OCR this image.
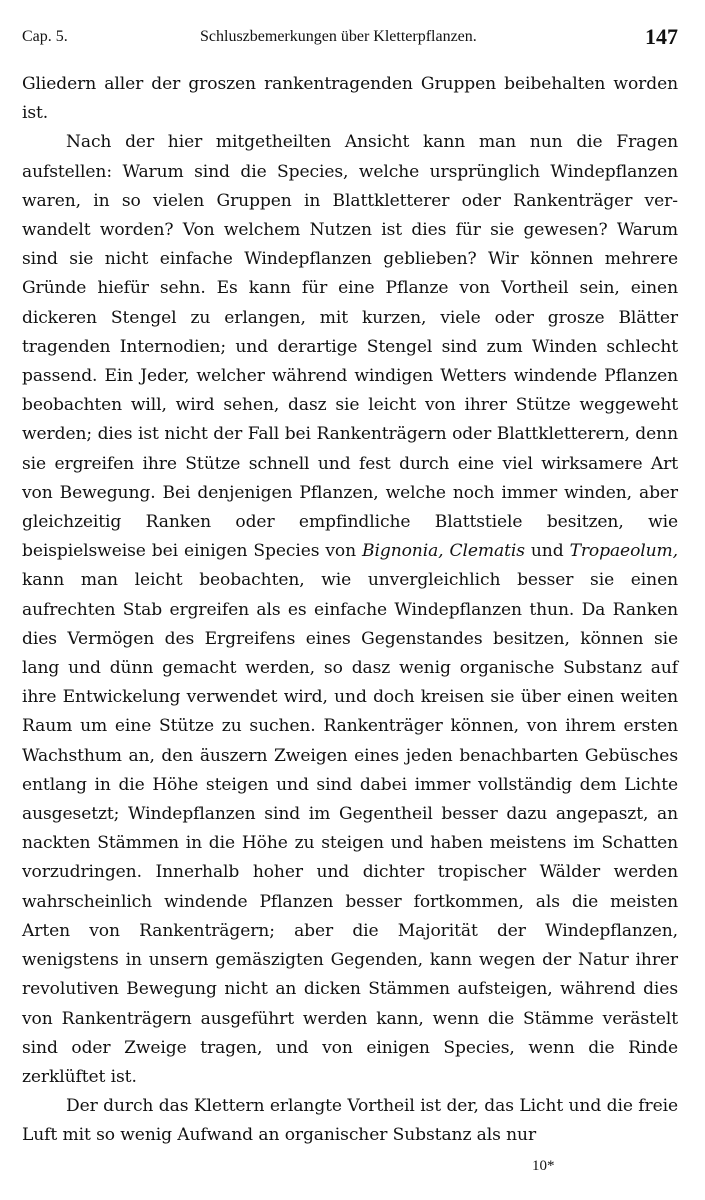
Cap. 5.	Schluszbemerkungen über Kletterpflanzen.	147

Gliedern aller der groszen rankentragenden Gruppen beibehalten worden ist.

Nach der hier mitgetheilten Ansicht kann man nun die Fragen aufstellen: Warum sind die Species, welche ursprünglich Windepflanzen waren, in so vielen Gruppen in Blattkletterer oder Rankenträger verwandelt worden? Von welchem Nutzen ist dies für sie gewesen? Warum sind sie nicht einfache Windepflanzen geblieben? Wir können mehrere Gründe hiefür sehn. Es kann für eine Pflanze von Vortheil sein, einen dickeren Stengel zu erlangen, mit kurzen, viele oder grosze Blätter tragenden Internodien; und derartige Stengel sind zum Winden schlecht passend. Ein Jeder, welcher während windigen Wetters windende Pflanzen beobachten will, wird sehen, dasz sie leicht von ihrer Stütze weggeweht werden; dies ist nicht der Fall bei Rankenträgern oder Blattkletterern, denn sie ergreifen ihre Stütze schnell und fest durch eine viel wirksamere Art von Bewegung. Bei denjenigen Pflanzen, welche noch immer winden, aber gleichzeitig Ranken oder empfindliche Blattstiele besitzen, wie beispielsweise bei einigen Species von Bignonia, Clematis und Tropaeolum, kann man leicht beobachten, wie unvergleichlich besser sie einen aufrechten Stab ergreifen als es einfache Windepflanzen thun. Da Ranken dies Vermögen des Ergreifens eines Gegenstandes besitzen, können sie lang und dünn gemacht werden, so dasz wenig organische Substanz auf ihre Entwickelung verwendet wird, und doch kreisen sie über einen weiten Raum um eine Stütze zu suchen. Rankenträger können, von ihrem ersten Wachsthum an, den äuszern Zweigen eines jeden benachbarten Gebüsches entlang in die Höhe steigen und sind dabei immer vollständig dem Lichte ausgesetzt; Windepflanzen sind im Gegentheil besser dazu angepaszt, an nackten Stämmen in die Höhe zu steigen und haben meistens im Schatten vorzudringen. Innerhalb hoher und dichter tropischer Wälder werden wahrscheinlich windende Pflanzen besser fortkommen, als die meisten Arten von Rankenträgern; aber die Majorität der Windepflanzen, wenigstens in unsern gemäszigten Gegenden, kann wegen der Natur ihrer revolutiven Bewegung nicht an dicken Stämmen aufsteigen, während dies von Rankenträgern ausgeführt werden kann, wenn die Stämme verästelt sind oder Zweige tragen, und von einigen Species, wenn die Rinde zerklüftet ist.

Der durch das Klettern erlangte Vortheil ist der, das Licht und die freie Luft mit so wenig Aufwand an organischer Substanz als nur

10*
